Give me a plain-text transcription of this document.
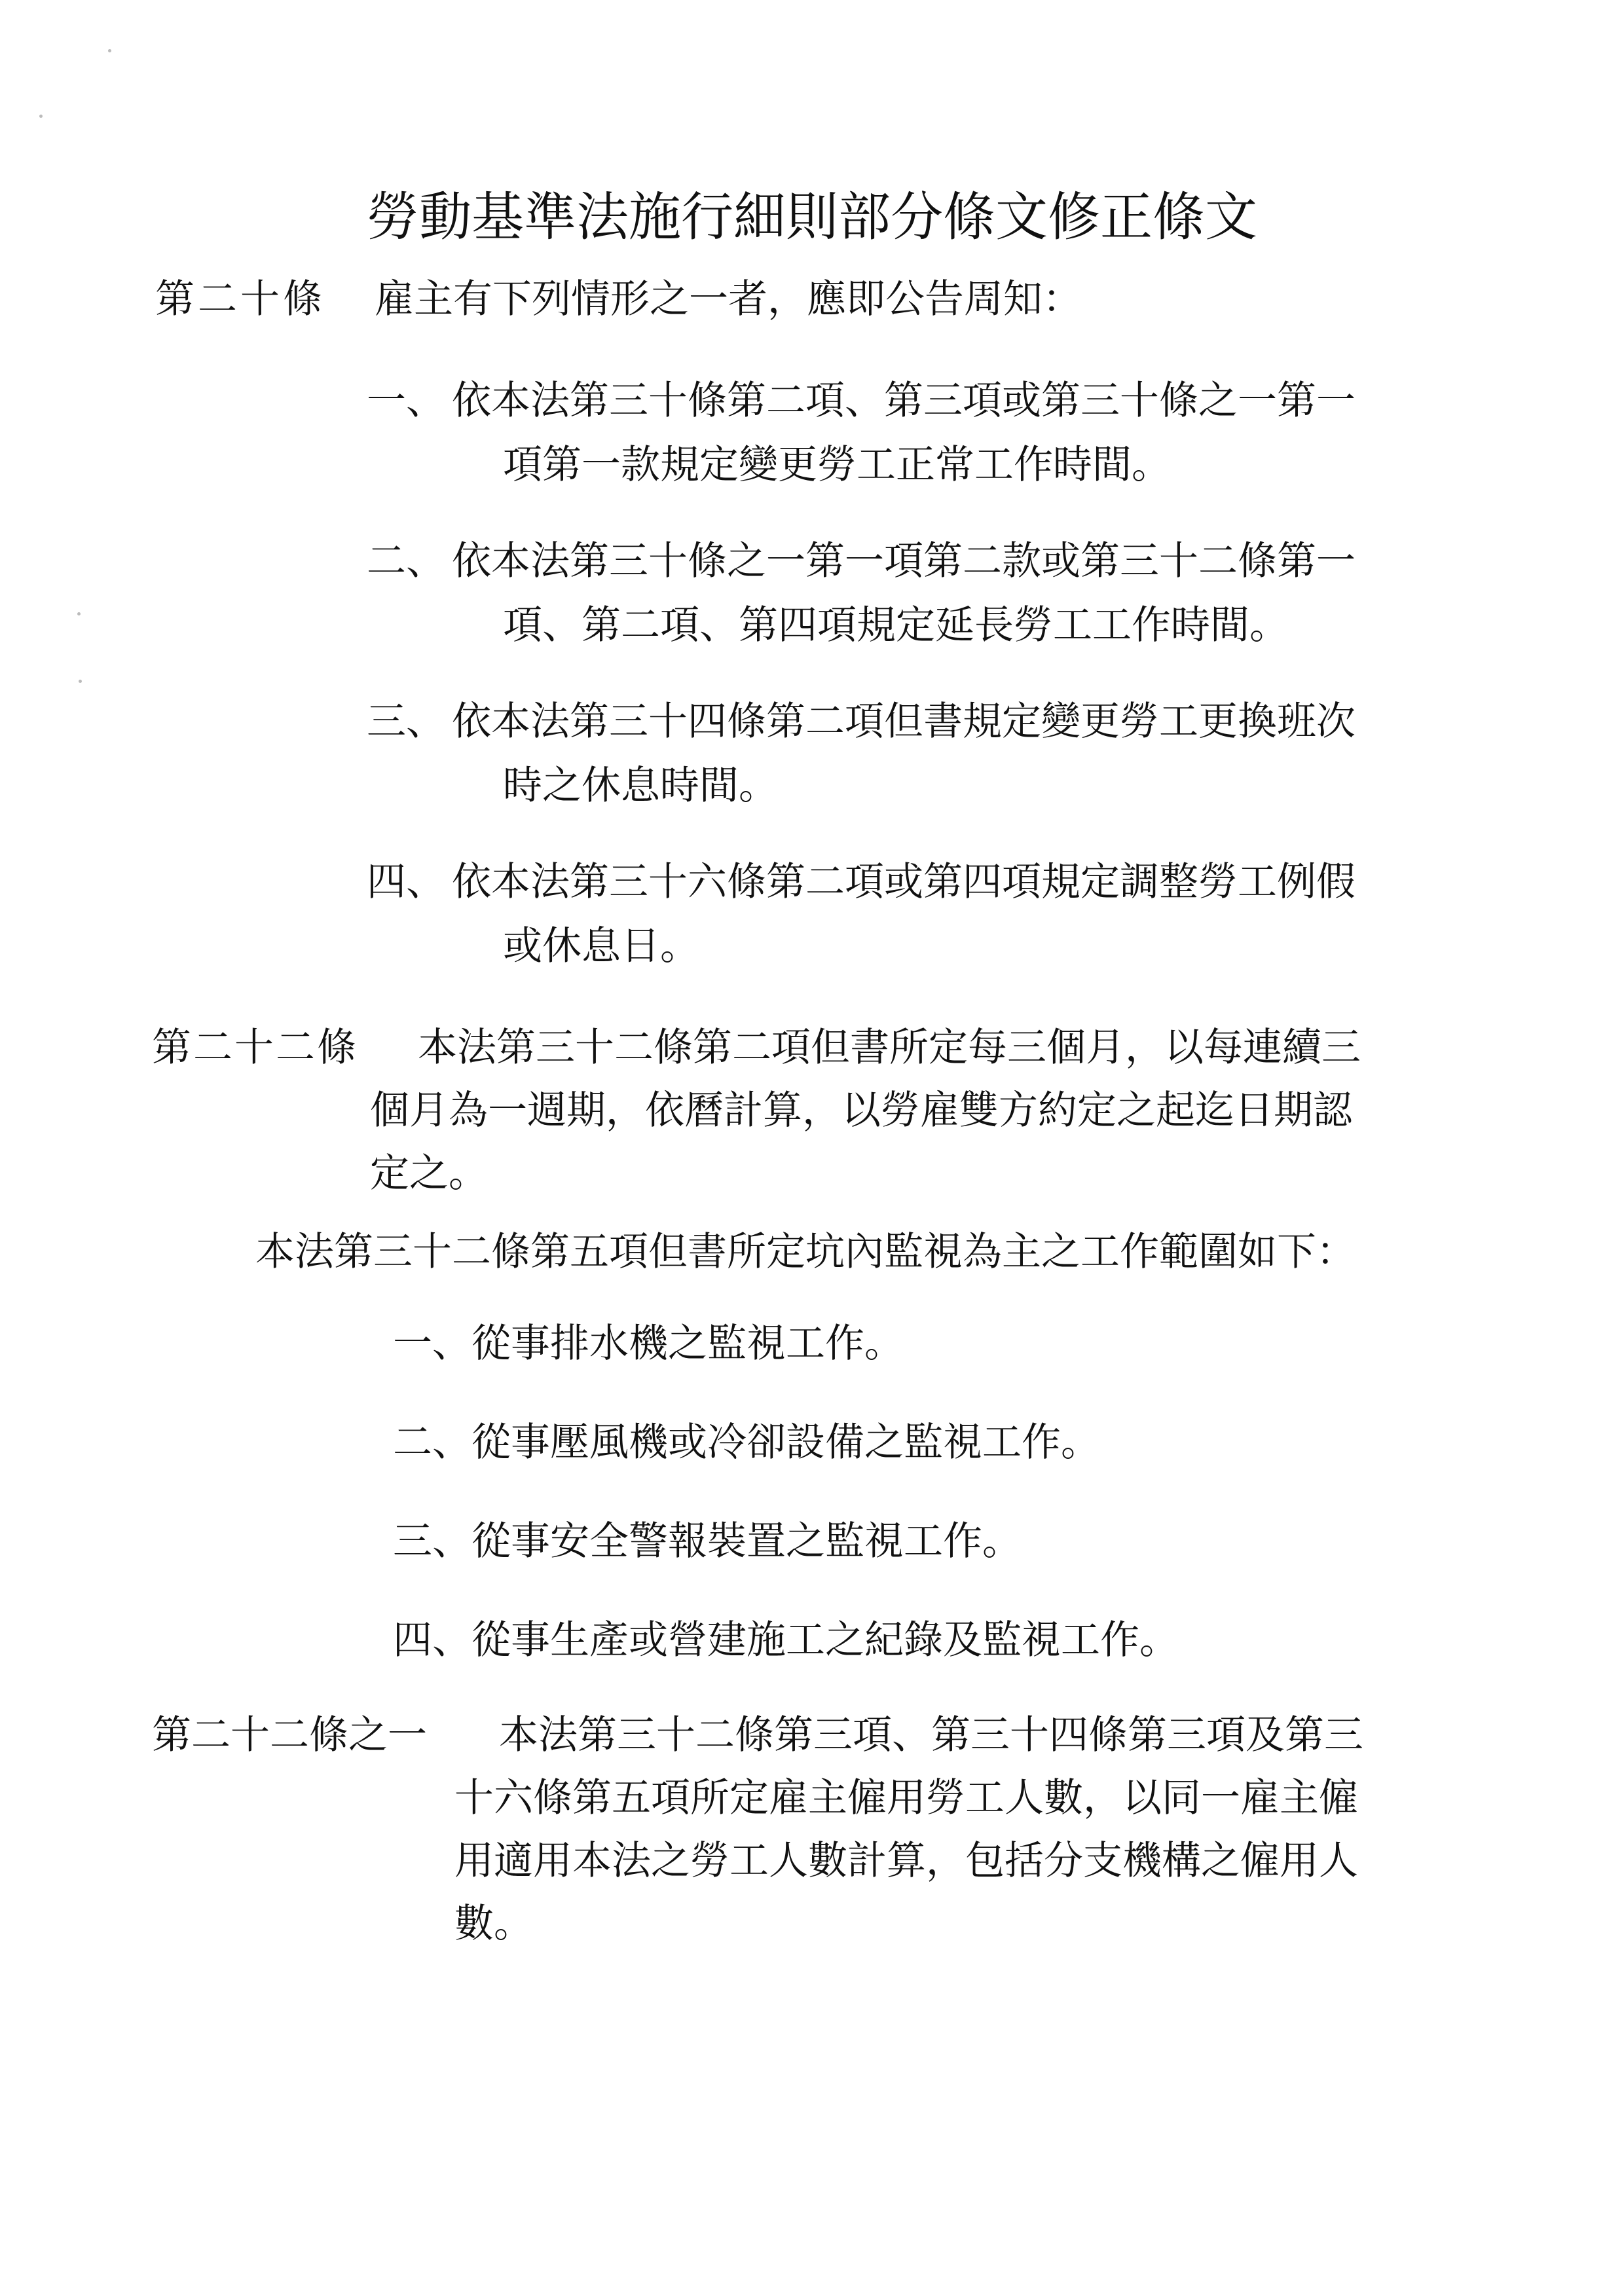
勞動基準法施行細則部分條文修正條文
第二十條 雇主有下列情形之一者，應即公告周知：
一、 依本法第三十條第二項、第三項或第三十條之一第一
項第一款規定變更勞工正常工作時間。
二、 依本法第三十條之一第一項第二款或第三十二條第一
項、第二項、第四項規定延長勞工工作時間。
三、 依本法第三十四條第二項但書規定變更勞工更換班次
時之休息時間。
四、 依本法第三十六條第二項或第四項規定調整勞工例假
或休息日。
第二十二條 本法第三十二條第二項但書所定每三個月，以每連續三
個月為一週期，依曆計算，以勞雇雙方約定之起迄日期認
定之。
本法第三十二條第五項但書所定坑內監視為主之工作範圍如下：
一、從事排水機之監視工作。
二、從事壓風機或冷卻設備之監視工作。
三、從事安全警報裝置之監視工作。
四、從事生產或營建施工之紀錄及監視工作。
第二十二條之一 本法第三十二條第三項、第三十四條第三項及第三
十六條第五項所定雇主僱用勞工人數，以同一雇主僱
用適用本法之勞工人數計算，包括分支機構之僱用人
數。
